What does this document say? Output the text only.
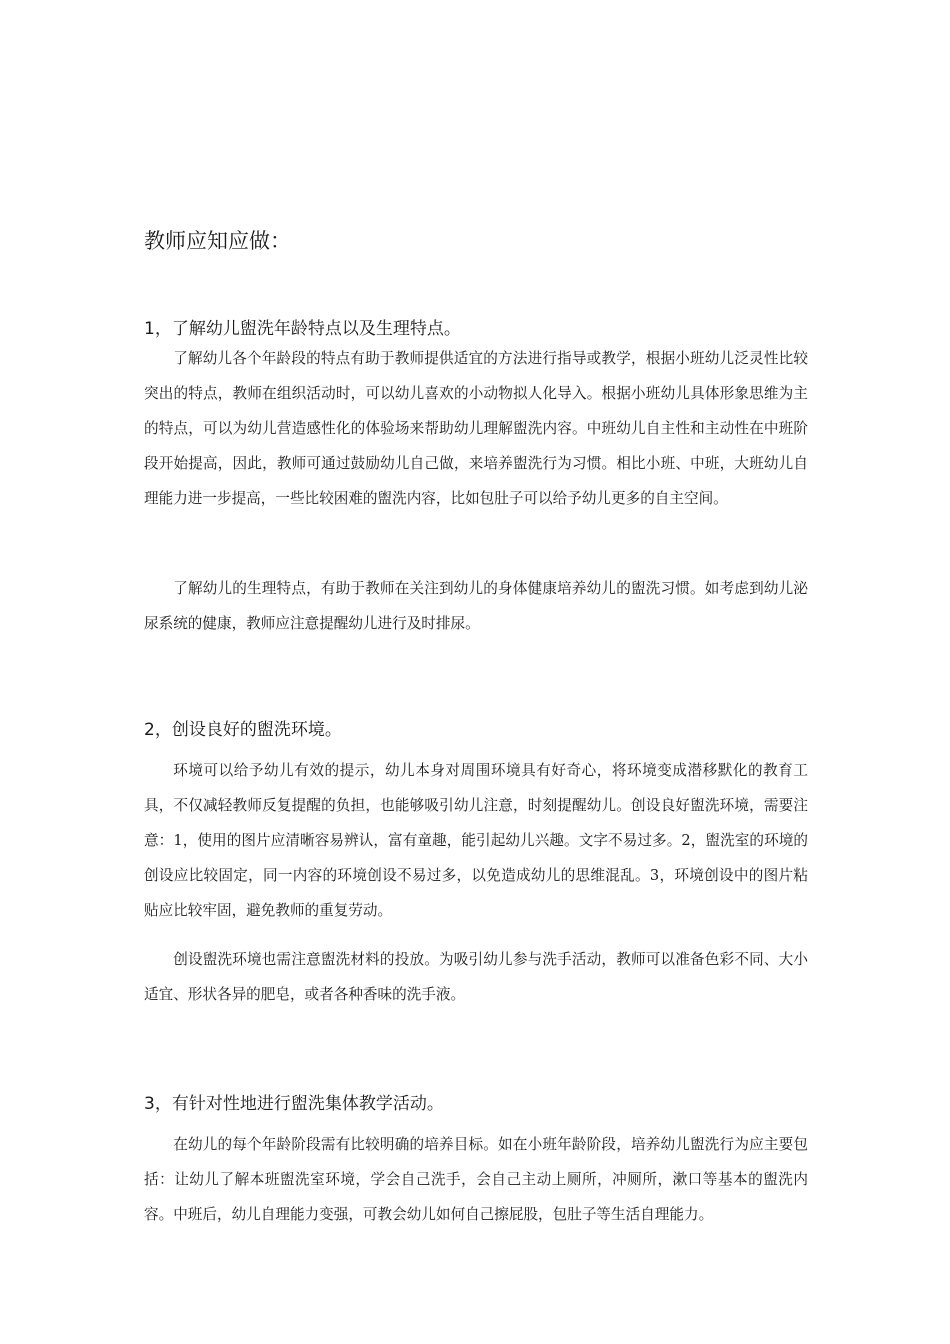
教师应知应做：
1，了解幼儿盥洗年龄特点以及生理特点。

了解幼儿各个年龄段的特点有助于教师提供适宜的方法进行指导或教学，根据小班幼儿泛灵性比较突出的特点，教师在组织活动时，可以幼儿喜欢的小动物拟人化导入。根据小班幼儿具体形象思维为主的特点，可以为幼儿营造感性化的体验场来帮助幼儿理解盥洗内容。中班幼儿自主性和主动性在中班阶段开始提高，因此，教师可通过鼓励幼儿自己做，来培养盥洗行为习惯。相比小班、中班，大班幼儿自理能力进一步提高，一些比较困难的盥洗内容，比如包肚子可以给予幼儿更多的自主空间。

了解幼儿的生理特点，有助于教师在关注到幼儿的身体健康培养幼儿的盥洗习惯。如考虑到幼儿泌尿系统的健康，教师应注意提醒幼儿进行及时排尿。

2，创设良好的盥洗环境。

环境可以给予幼儿有效的提示，幼儿本身对周围环境具有好奇心，将环境变成潜移默化的教育工具，不仅减轻教师反复提醒的负担，也能够吸引幼儿注意，时刻提醒幼儿。创设良好盥洗环境，需要注意：1，使用的图片应清晰容易辨认，富有童趣，能引起幼儿兴趣。文字不易过多。2，盥洗室的环境的创设应比较固定，同一内容的环境创设不易过多，以免造成幼儿的思维混乱。3，环境创设中的图片粘贴应比较牢固，避免教师的重复劳动。

创设盥洗环境也需注意盥洗材料的投放。为吸引幼儿参与洗手活动，教师可以准备色彩不同、大小适宜、形状各异的肥皂，或者各种香味的洗手液。

3，有针对性地进行盥洗集体教学活动。

在幼儿的每个年龄阶段需有比较明确的培养目标。如在小班年龄阶段，培养幼儿盥洗行为应主要包括：让幼儿了解本班盥洗室环境，学会自己洗手，会自己主动上厕所，冲厕所，漱口等基本的盥洗内容。中班后，幼儿自理能力变强，可教会幼儿如何自己擦屁股，包肚子等生活自理能力。
